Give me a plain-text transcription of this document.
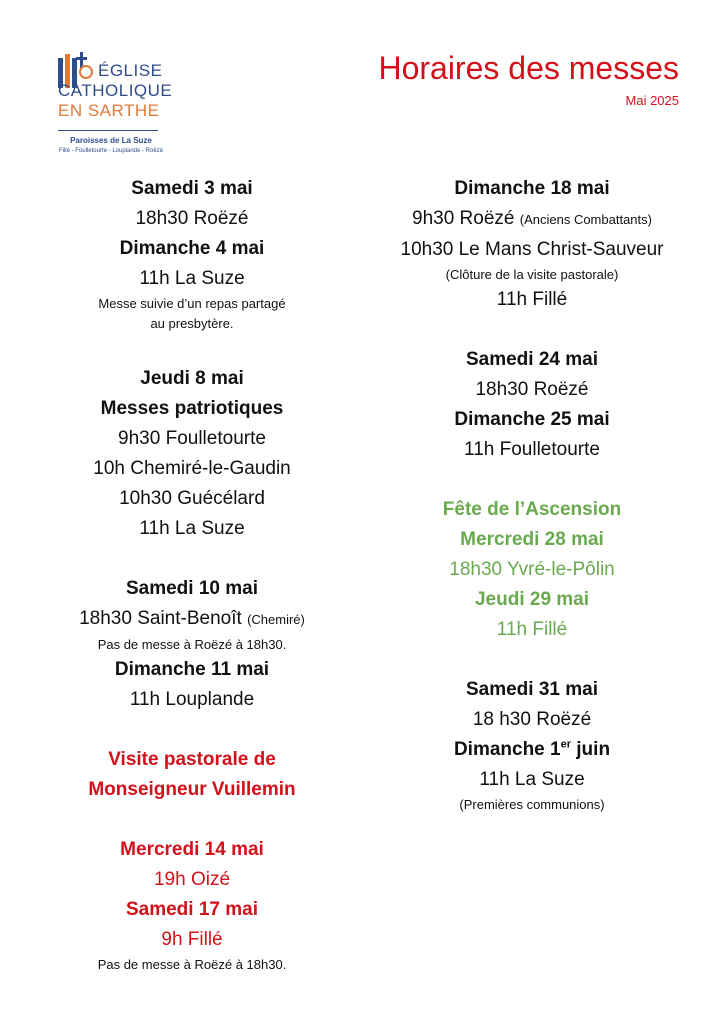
ÉGLISE
CATHOLIQUE
EN SARTHE
Paroisses de La Suze
Fillé - Foulletourte - Louplande - Roëzé
Horaires des messes
Mai 2025
Samedi 3 mai
18h30 Roëzé
Dimanche 4 mai
11h La Suze
Messe suivie d’un repas partagé
au presbytère.
Jeudi 8 mai
Messes patriotiques
9h30 Foulletourte
10h Chemiré-le-Gaudin
10h30 Guécélard
11h La Suze
Samedi 10 mai
18h30 Saint-Benoît (Chemiré)
Pas de messe à Roëzé à 18h30.
Dimanche 11 mai
11h Louplande
Visite pastorale de
Monseigneur Vuillemin
Mercredi 14 mai
19h Oizé
Samedi 17 mai
9h Fillé
Pas de messe à Roëzé à 18h30.
Dimanche 18 mai
9h30 Roëzé (Anciens Combattants)
10h30 Le Mans Christ-Sauveur
(Clôture de la visite pastorale)
11h Fillé
Samedi 24 mai
18h30 Roëzé
Dimanche 25 mai
11h Foulletourte
Fête de l’Ascension
Mercredi 28 mai
18h30 Yvré-le-Pôlin
Jeudi 29 mai
11h Fillé
Samedi 31 mai
18 h30 Roëzé
Dimanche 1er juin
11h La Suze
(Premières communions)
